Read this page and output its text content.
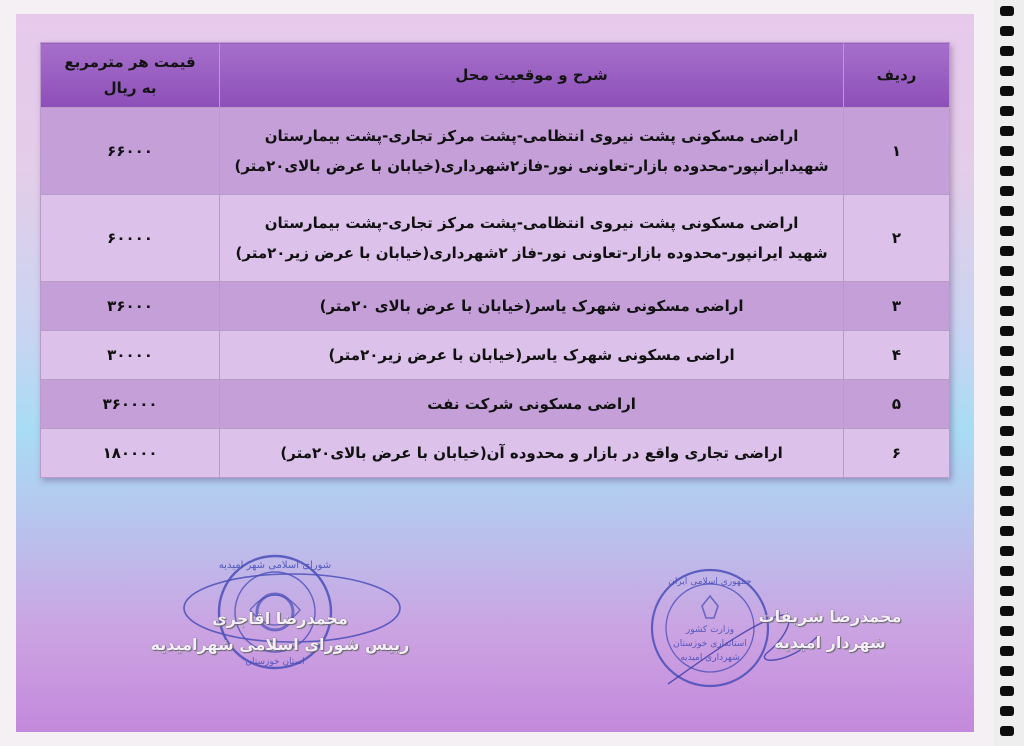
ردیف	شرح و موقعیت محل	قیمت هر مترمربع
به ریال

۱	اراضی مسکونی پشت نیروی انتظامی-پشت مرکز تجاری-پشت بیمارستان
شهیدایرانپور-محدوده بازار-تعاونی نور-فاز۲شهرداری(خیابان با عرض بالای۲۰متر)	۶۶۰۰۰
۲	اراضی مسکونی پشت نیروی انتظامی-پشت مرکز تجاری-پشت بیمارستان
شهید ایرانپور-محدوده بازار-تعاونی نور-فاز ۲شهرداری(خیابان با عرض زیر۲۰متر)	۶۰۰۰۰
۳	اراضی مسکونی شهرک یاسر(خیابان با عرض بالای ۲۰متر)	۳۶۰۰۰
۴	اراضی مسکونی شهرک یاسر(خیابان با عرض زیر۲۰متر)	۳۰۰۰۰
۵	اراضی مسکونی شرکت نفت	۳۶۰۰۰۰
۶	اراضی تجاری واقع در بازار و محدوده آن(خیابان با عرض بالای۲۰متر)	۱۸۰۰۰۰
شورای اسلامی شهر امیدیه
استان خوزستان
جمهوری اسلامی ایران
وزارت کشور
استانداری خوزستان
شهرداری امیدیه
محمدرضا شریفات
شهردار امیدیه
محمدرضا اقاجری
رییس شورای اسلامی شهرامیدیه
